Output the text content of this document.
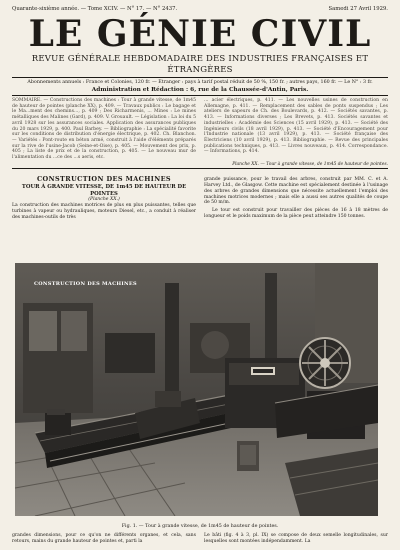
Quarante-sixième année. — Tome XCIV. — N° 17. — N° 2437.	Samedi 27 Avril 1929.
LE GÉNIE CIVIL
REVUE GÉNÉRALE HEBDOMADAIRE DES INDUSTRIES FRANÇAISES ET ÉTRANGÈRES
Abonnements annuels : France et Colonies, 120 fr. — Étranger : pays à tarif postal réduit de 50 %, 150 fr. ; autres pays, 160 fr. — Le N° : 3 fr.
Administration et Rédaction : 6, rue de la Chaussée-d'Antin, Paris.
SOMMAIRE. — Constructions des machines : Tour à grande vitesse, de 1m45 de hauteur de pointes (planche XX), p. 409. — Travaux publics : Le bagage et le Ma...ment des chemins..., p. 409 ; Des Richarmenis, ... Mines : Le mines métalliques des Malines (Gard), p. 409. V. Grouault. — Législation : La loi du 5 avril 1928 sur les assurances sociales. Application des assurances publiques du 20 mars 1929, p. 400. Paul Barbey. — Bibliographie : La spécialité favorite sur les conditions de distribution d'énergie électrique, p. 402. Ch. Blanchon. — Variétés : Pont-route en béton armé, construit à l'aide d'éléments préparés sur la rive de l'usine-Jacob (Seine-et-Oise), p. 405. — Mouvement des prix, p. 405 ; La liste de prix et de la construction, p. 405. — Le nouveau mur de l'alimentation du ...ce des ...s aeris, etc.
... acier électriques, p. 411. — Les nouvelles usines de construction en Allemagne, p. 411. — Remplacement des sables de ponts suspendus ; Les ateliers de sapeurs de Ch. des Boulevards, p. 412. — Sociétés savantes, p. 413. — Informations diverses ; Les Brevets, p. 413. Sociétés savantes et industrielles : Académie des Sciences (15 avril 1929), p. 413. — Société des Ingénieurs civils (18 avril 1929), p. 413. — Société d'Encouragement pour l'Industrie nationale (13 avril 1929), p. 413. — Société française des Électriciens (10 avril 1929), p. 413. Bibliographie. — Revue des principales publications techniques, p. 413. — Livres nouveaux, p. 414. Correspondance. — Informations, p. 414.
Planche XX. — Tour à grande vitesse, de 1m45 de hauteur de pointes.
CONSTRUCTION DES MACHINES
TOUR À GRANDE VITESSE, DE 1m45 DE HAUTEUR DE POINTES
(Planche XX.)
La construction des machines motrices de plus en plus puissantes, telles que turbines à vapeur ou hydrauliques, moteurs Diesel, etc., a conduit à réaliser des machines-outils de très
grande puissance, pour le travail des arbres, construit par MM. C. et A. Harvey Ltd., de Glasgow. Cette machine est spécialement destinée à l'usinage des arbres de grandes dimensions que nécessite actuellement l'emploi des machines motrices modernes ; mais elle a aussi ses autres qualités de coupe de 50 m/m.
Le tour est construit pour travailler des pièces de 16 à 18 mètres de longueur et le poids maximum de la pièce peut atteindre 150 tonnes.
Fig. 1. — Tour à grande vitesse, de 1m45 de hauteur de pointes.
grandes dimensions, pour ce qu'on ne différents organes, et cela, sans retours, mains du grande hauteur de pointes et, parti la
Le bâti (fig. 4 à 3, pl. IX) se compose de deux semelle longitudinales, sur lesquelles sont montées indépendamment. La
CONSTRUCTION DES MACHINES
